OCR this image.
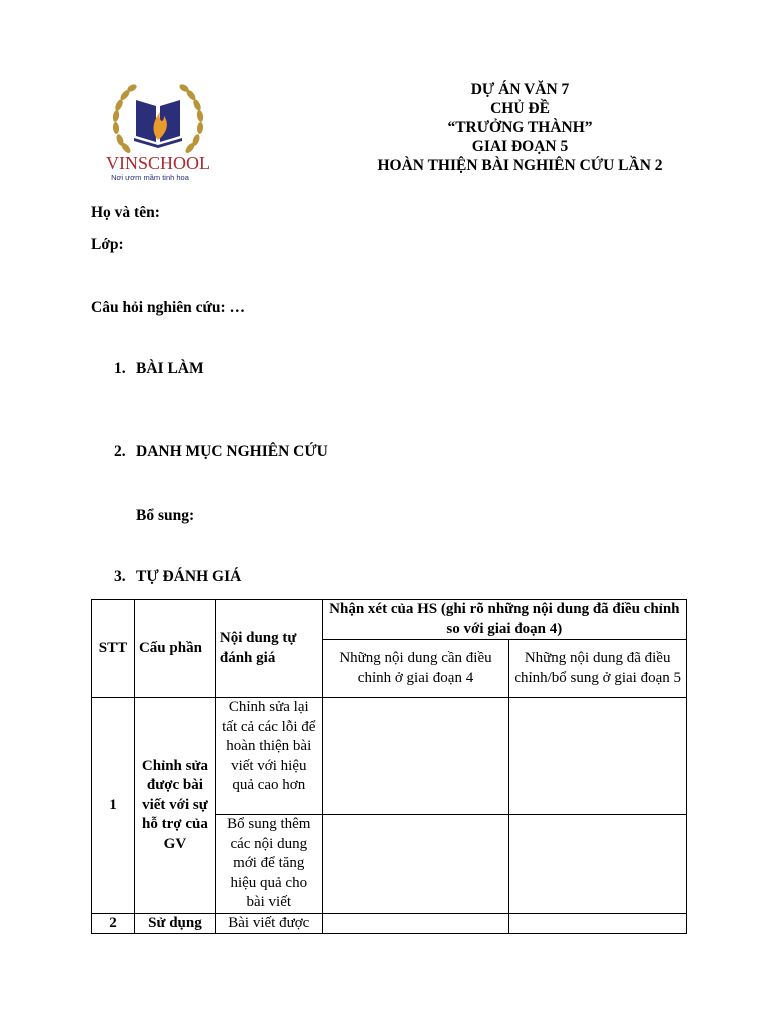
VINSCHOOL
Nơi ươm mầm tinh hoa
DỰ ÁN VĂN 7
CHỦ ĐỀ
“TRƯỞNG THÀNH”
GIAI ĐOẠN 5
HOÀN THIỆN BÀI NGHIÊN CỨU LẦN 2
Họ và tên:
Lớp:
Câu hỏi nghiên cứu: …
1. BÀI LÀM
2. DANH MỤC NGHIÊN CỨU
Bổ sung:
3. TỰ ĐÁNH GIÁ
STT	Cấu phần	Nội dung tự đánh giá	Nhận xét của HS (ghi rõ những nội dung đã điều chỉnh so với giai đoạn 4)	
			Những nội dung cần điều chỉnh ở giai đoạn 4	Những nội dung đã điều chỉnh/bổ sung ở giai đoạn 5
1	Chỉnh sửa được bài viết với sự hỗ trợ của GV	Chỉnh sửa lại tất cả các lỗi để hoàn thiện bài viết với hiệu quả cao hơn		
		Bổ sung thêm các nội dung mới để tăng hiệu quả cho bài viết		
2	Sử dụng	Bài viết được		
